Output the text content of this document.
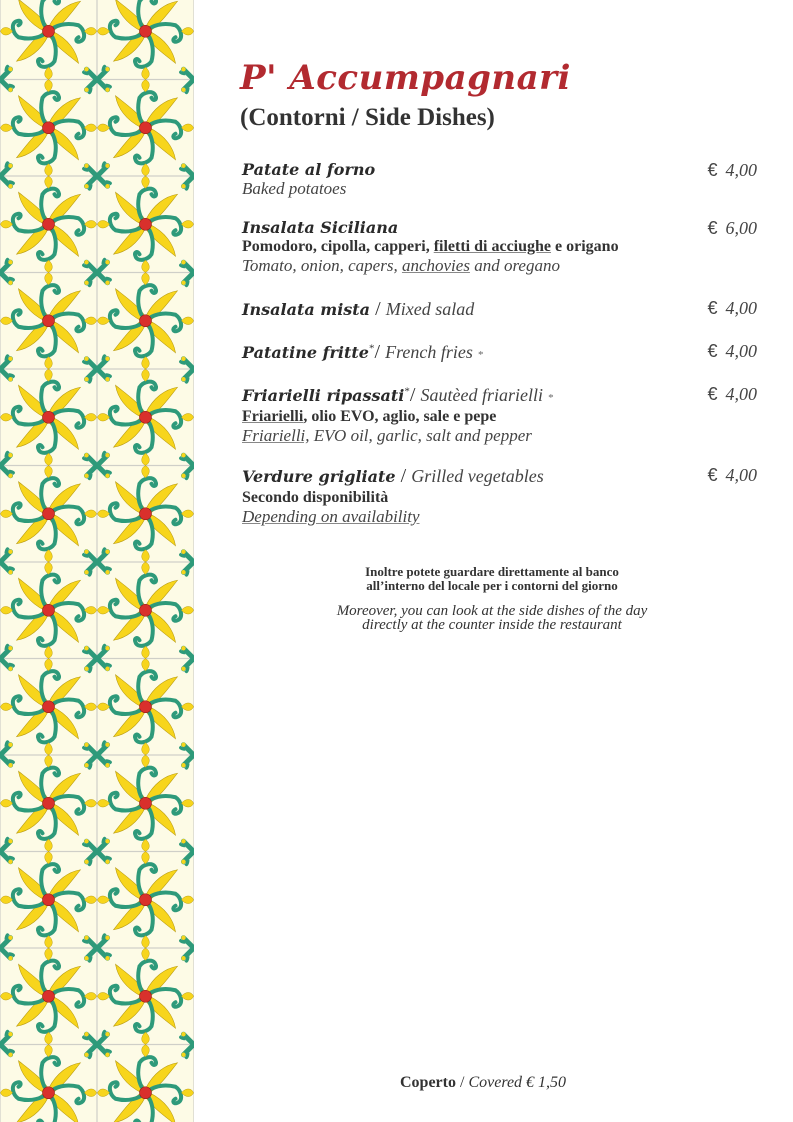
P' Accumpagnari
(Contorni / Side Dishes)
Patate al forno
Baked potatoes
€ 4,00
Insalata Siciliana
Pomodoro, cipolla, capperi, filetti di acciughe e origano
Tomato, onion, capers, anchovies and oregano
€ 6,00
Insalata mista / Mixed salad	€ 4,00
Patatine fritte*/ French fries *	€ 4,00
Friarielli ripassati*/ Sautèed friarielli *
Friarielli, olio EVO, aglio, sale e pepe
Friarielli, EVO oil, garlic, salt and pepper
€ 4,00
Verdure grigliate / Grilled vegetables
Secondo disponibilità
Depending on availability
€ 4,00
Inoltre potete guardare direttamente al banco
all’interno del locale per i contorni del giorno
Moreover, you can look at the side dishes of the day
directly at the counter inside the restaurant
Coperto / Covered € 1,50
